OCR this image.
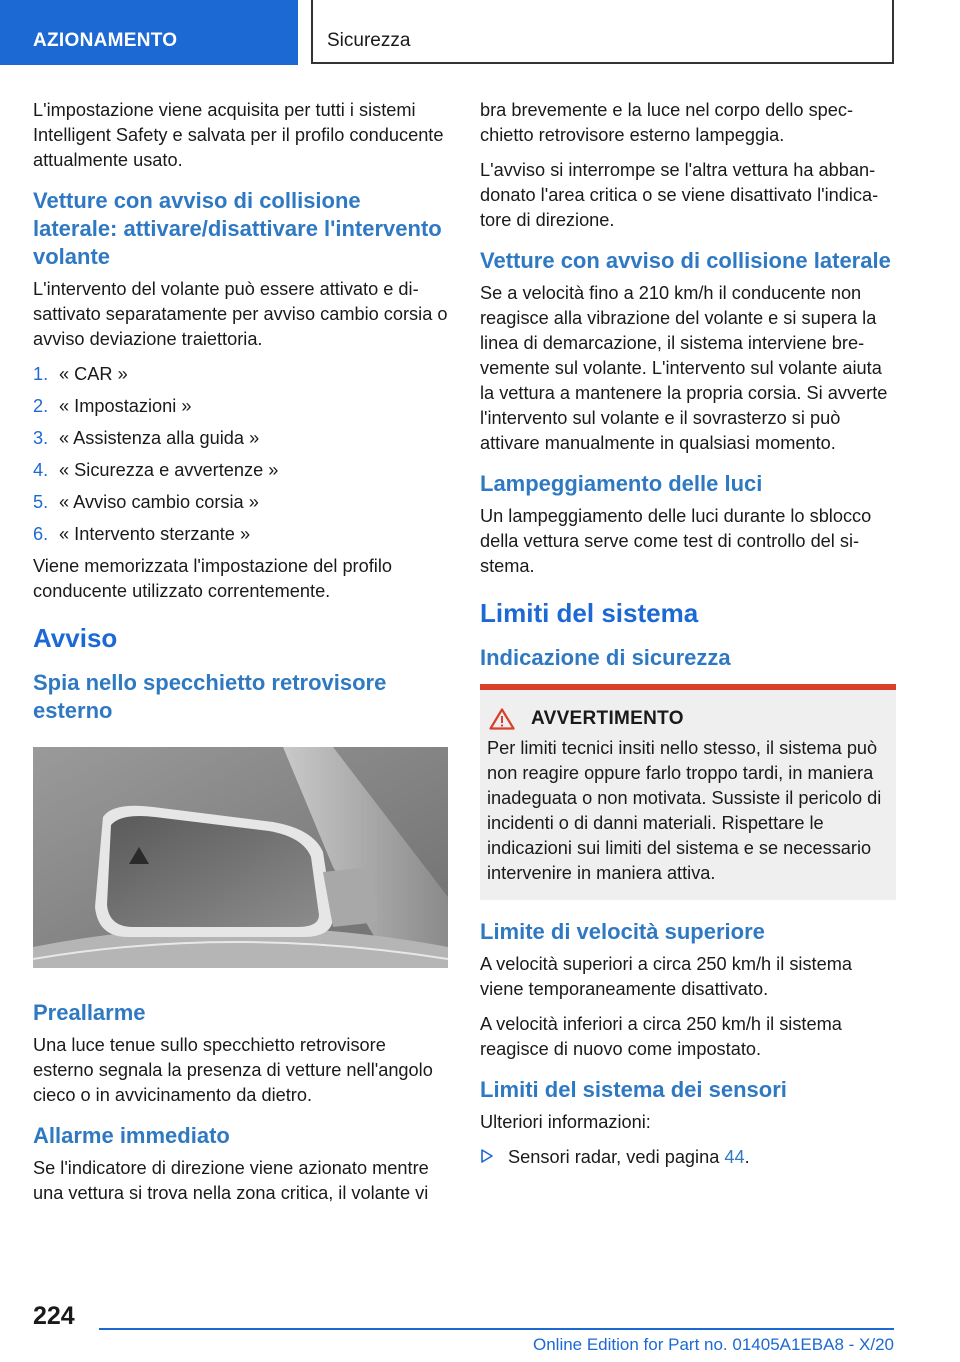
AZIONAMENTO	Sicurezza

L'impostazione viene acquisita per tutti i sistemi Intelligent Safety e salvata per il profilo conducente attualmente usato.

Vetture con avviso di collisione laterale: attivare/disattivare l'intervento volante

L'intervento del volante può essere attivato e disattivato separatamente per avviso cambio corsia o avviso deviazione traiettoria.

1. « CAR »
2. « Impostazioni »
3. « Assistenza alla guida »
4. « Sicurezza e avvertenze »
5. « Avviso cambio corsia »
6. « Intervento sterzante »

Viene memorizzata l'impostazione del profilo conducente utilizzato correntemente.

Avviso
Spia nello specchietto retrovisore esterno
Preallarme

Una luce tenue sullo specchietto retrovisore esterno segnala la presenza di vetture nell'angolo cieco o in avvicinamento da dietro.

Allarme immediato

Se l'indicatore di direzione viene azionato mentre una vettura si trova nella zona critica, il volante vi

bra brevemente e la luce nel corpo dello specchietto retrovisore esterno lampeggia.

L'avviso si interrompe se l'altra vettura ha abbandonato l'area critica o se viene disattivato l'indicatore di direzione.

Vetture con avviso di collisione laterale

Se a velocità fino a 210 km/h il conducente non reagisce alla vibrazione del volante e si supera la linea di demarcazione, il sistema interviene brevemente sul volante. L'intervento sul volante aiuta la vettura a mantenere la propria corsia. Si avverte l'intervento sul volante e il sovrasterzo si può attivare manualmente in qualsiasi momento.

Lampeggiamento delle luci

Un lampeggiamento delle luci durante lo sblocco della vettura serve come test di controllo del sistema.

Limiti del sistema
Indicazione di sicurezza
AVVERTIMENTO

Per limiti tecnici insiti nello stesso, il sistema può non reagire oppure farlo troppo tardi, in maniera inadeguata o non motivata. Sussiste il pericolo di incidenti o di danni materiali. Rispettare le indicazioni sui limiti del sistema e se necessario intervenire in maniera attiva.

Limite di velocità superiore

A velocità superiori a circa 250 km/h il sistema viene temporaneamente disattivato.

A velocità inferiori a circa 250 km/h il sistema reagisce di nuovo come impostato.

Limiti del sistema dei sensori

Ulteriori informazioni:

Sensori radar, vedi pagina 44.
224
Online Edition for Part no. 01405A1EBA8 - X/20
